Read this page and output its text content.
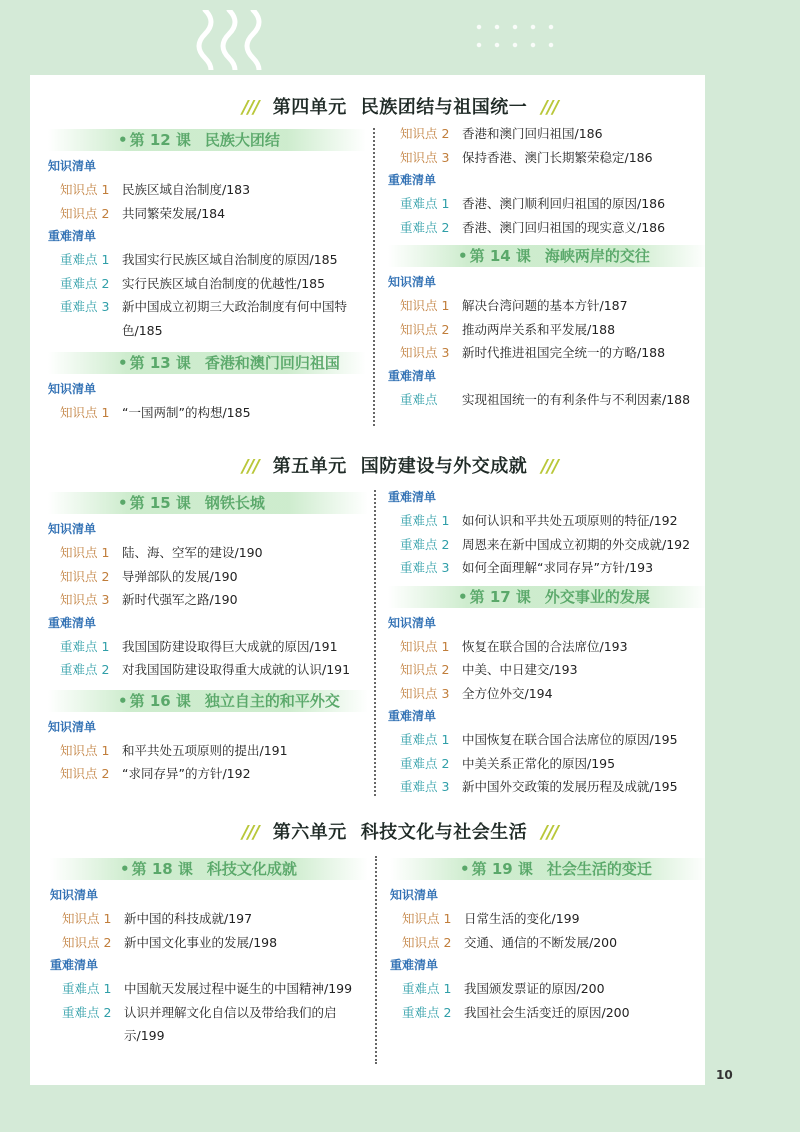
/// 第四单元 民族团结与祖国统一 ///
• 第 12 课 民族大团结
知识清单
知识点 1	民族区域自治制度/183
知识点 2	共同繁荣发展/184
重难清单
重难点 1	我国实行民族区域自治制度的原因/185
重难点 2	实行民族区域自治制度的优越性/185
重难点 3	新中国成立初期三大政治制度有何中国特色/185
• 第 13 课 香港和澳门回归祖国
知识清单
知识点 1	“一国两制”的构想/185
知识点 2	香港和澳门回归祖国/186
知识点 3	保持香港、澳门长期繁荣稳定/186
重难清单
重难点 1	香港、澳门顺利回归祖国的原因/186
重难点 2	香港、澳门回归祖国的现实意义/186
• 第 14 课 海峡两岸的交往
知识清单
知识点 1	解决台湾问题的基本方针/187
知识点 2	推动两岸关系和平发展/188
知识点 3	新时代推进祖国完全统一的方略/188
重难清单
重难点	实现祖国统一的有利条件与不利因素/188
/// 第五单元 国防建设与外交成就 ///
• 第 15 课 钢铁长城
知识清单
知识点 1	陆、海、空军的建设/190
知识点 2	导弹部队的发展/190
知识点 3	新时代强军之路/190
重难清单
重难点 1	我国国防建设取得巨大成就的原因/191
重难点 2	对我国国防建设取得重大成就的认识/191
• 第 16 课 独立自主的和平外交
知识清单
知识点 1	和平共处五项原则的提出/191
知识点 2	“求同存异”的方针/192
重难清单
重难点 1	如何认识和平共处五项原则的特征/192
重难点 2	周恩来在新中国成立初期的外交成就/192
重难点 3	如何全面理解“求同存异”方针/193
• 第 17 课 外交事业的发展
知识清单
知识点 1	恢复在联合国的合法席位/193
知识点 2	中美、中日建交/193
知识点 3	全方位外交/194
重难清单
重难点 1	中国恢复在联合国合法席位的原因/195
重难点 2	中美关系正常化的原因/195
重难点 3	新中国外交政策的发展历程及成就/195
/// 第六单元 科技文化与社会生活 ///
• 第 18 课 科技文化成就
知识清单
知识点 1	新中国的科技成就/197
知识点 2	新中国文化事业的发展/198
重难清单
重难点 1	中国航天发展过程中诞生的中国精神/199
重难点 2	认识并理解文化自信以及带给我们的启示/199
• 第 19 课 社会生活的变迁
知识清单
知识点 1	日常生活的变化/199
知识点 2	交通、通信的不断发展/200
重难清单
重难点 1	我国颁发票证的原因/200
重难点 2	我国社会生活变迁的原因/200
10
